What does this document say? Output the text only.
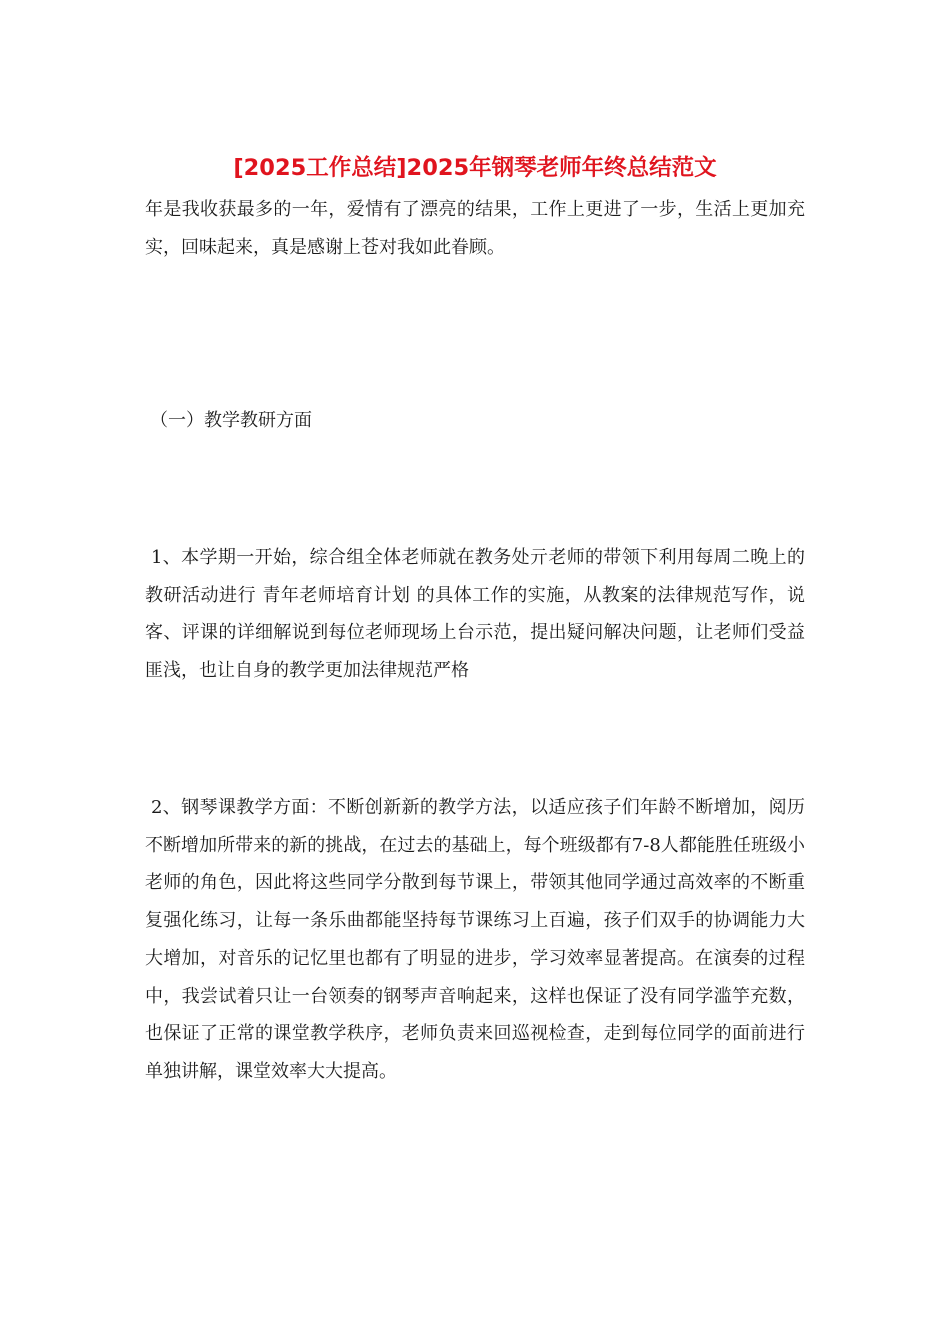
[2025工作总结]2025年钢琴老师年终总结范文

年是我收获最多的一年，爱情有了漂亮的结果，工作上更进了一步，生活上更加充实，回味起来，真是感谢上苍对我如此眷顾。

（一）教学教研方面

1、本学期一开始，综合组全体老师就在教务处亓老师的带领下利用每周二晚上的教研活动进行 青年老师培育计划 的具体工作的实施，从教案的法律规范写作，说客、评课的详细解说到每位老师现场上台示范，提出疑问解决问题，让老师们受益匪浅，也让自身的教学更加法律规范严格

2、钢琴课教学方面：不断创新新的教学方法，以适应孩子们年龄不断增加，阅历不断增加所带来的新的挑战，在过去的基础上，每个班级都有7-8人都能胜任班级小老师的角色，因此将这些同学分散到每节课上，带领其他同学通过高效率的不断重复强化练习，让每一条乐曲都能坚持每节课练习上百遍，孩子们双手的协调能力大大增加，对音乐的记忆里也都有了明显的进步，学习效率显著提高。在演奏的过程中，我尝试着只让一台领奏的钢琴声音响起来，这样也保证了没有同学滥竽充数，也保证了正常的课堂教学秩序，老师负责来回巡视检查，走到每位同学的面前进行单独讲解，课堂效率大大提高。
